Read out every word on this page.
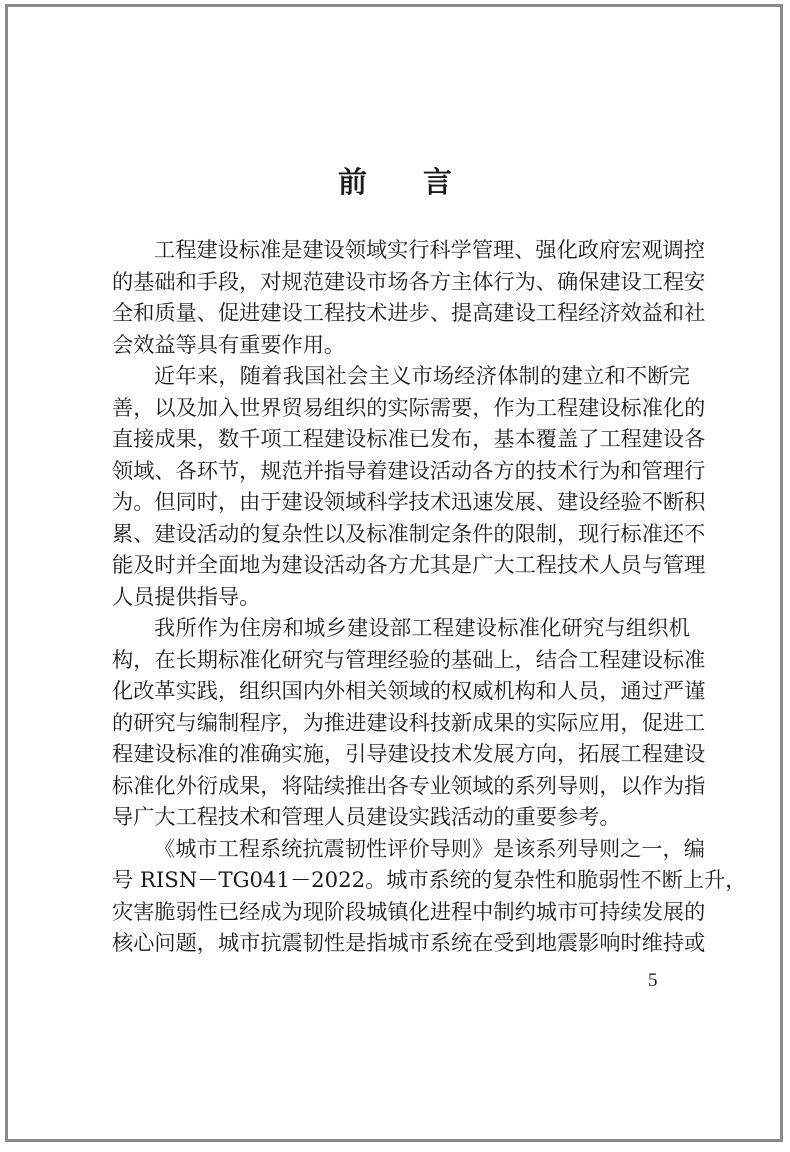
前 言
工程建设标准是建设领域实行科学管理、强化政府宏观调控
的基础和手段，对规范建设市场各方主体行为、确保建设工程安
全和质量、促进建设工程技术进步、提高建设工程经济效益和社
会效益等具有重要作用。
近年来，随着我国社会主义市场经济体制的建立和不断完
善，以及加入世界贸易组织的实际需要，作为工程建设标准化的
直接成果，数千项工程建设标准已发布，基本覆盖了工程建设各
领域、各环节，规范并指导着建设活动各方的技术行为和管理行
为。但同时，由于建设领域科学技术迅速发展、建设经验不断积
累、建设活动的复杂性以及标准制定条件的限制，现行标准还不
能及时并全面地为建设活动各方尤其是广大工程技术人员与管理
人员提供指导。
我所作为住房和城乡建设部工程建设标准化研究与组织机
构，在长期标准化研究与管理经验的基础上，结合工程建设标准
化改革实践，组织国内外相关领域的权威机构和人员，通过严谨
的研究与编制程序，为推进建设科技新成果的实际应用，促进工
程建设标准的准确实施，引导建设技术发展方向，拓展工程建设
标准化外衍成果，将陆续推出各专业领域的系列导则，以作为指
导广大工程技术和管理人员建设实践活动的重要参考。
《城市工程系统抗震韧性评价导则》是该系列导则之一，编
号 RISN－TG041－2022。城市系统的复杂性和脆弱性不断上升，
灾害脆弱性已经成为现阶段城镇化进程中制约城市可持续发展的
核心问题，城市抗震韧性是指城市系统在受到地震影响时维持或
5
